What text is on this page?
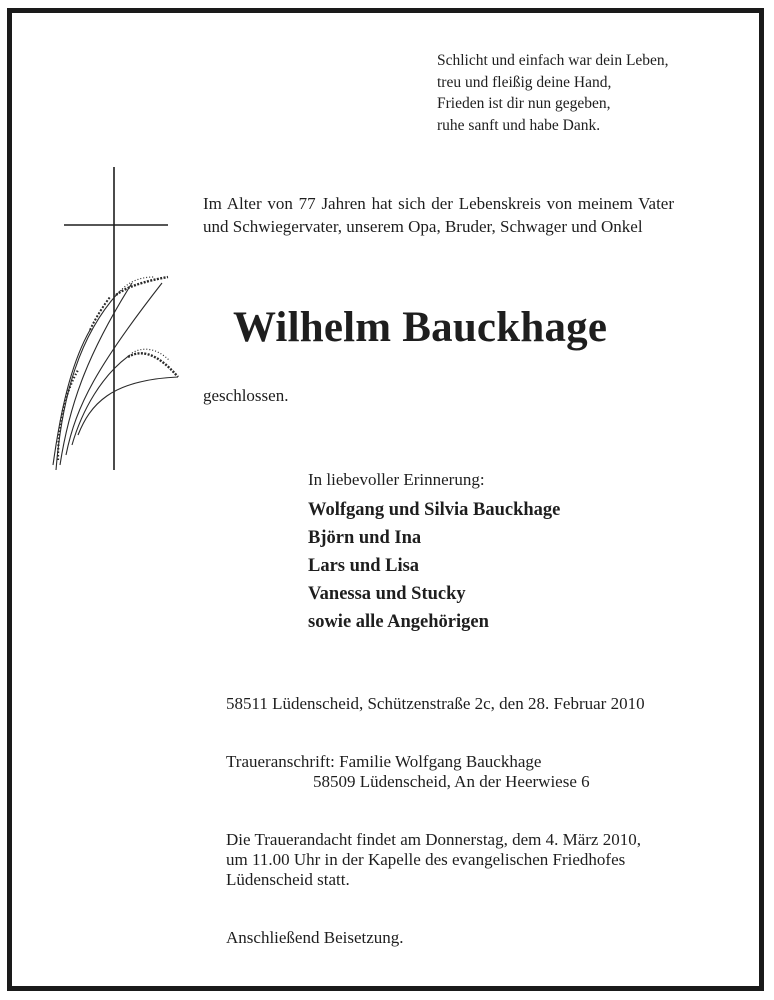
Schlicht und einfach war dein Leben,
treu und fleißig deine Hand,
Frieden ist dir nun gegeben,
ruhe sanft und habe Dank.
Im Alter von 77 Jahren hat sich der Lebenskreis von meinem Vater und Schwiegervater, unserem Opa, Bruder, Schwager und Onkel
Wilhelm Bauckhage
geschlossen.
In liebevoller Erinnerung:
Wolfgang und Silvia Bauckhage
Björn und Ina
Lars und Lisa
Vanessa und Stucky
sowie alle Angehörigen
58511 Lüdenscheid, Schützenstraße 2c, den 28. Februar 2010
Traueranschrift: Familie Wolfgang Bauckhage
58509 Lüdenscheid, An der Heerwiese 6
Die Trauerandacht findet am Donnerstag, dem 4. März 2010,
um 11.00 Uhr in der Kapelle des evangelischen Friedhofes
Lüdenscheid statt.
Anschließend Beisetzung.
